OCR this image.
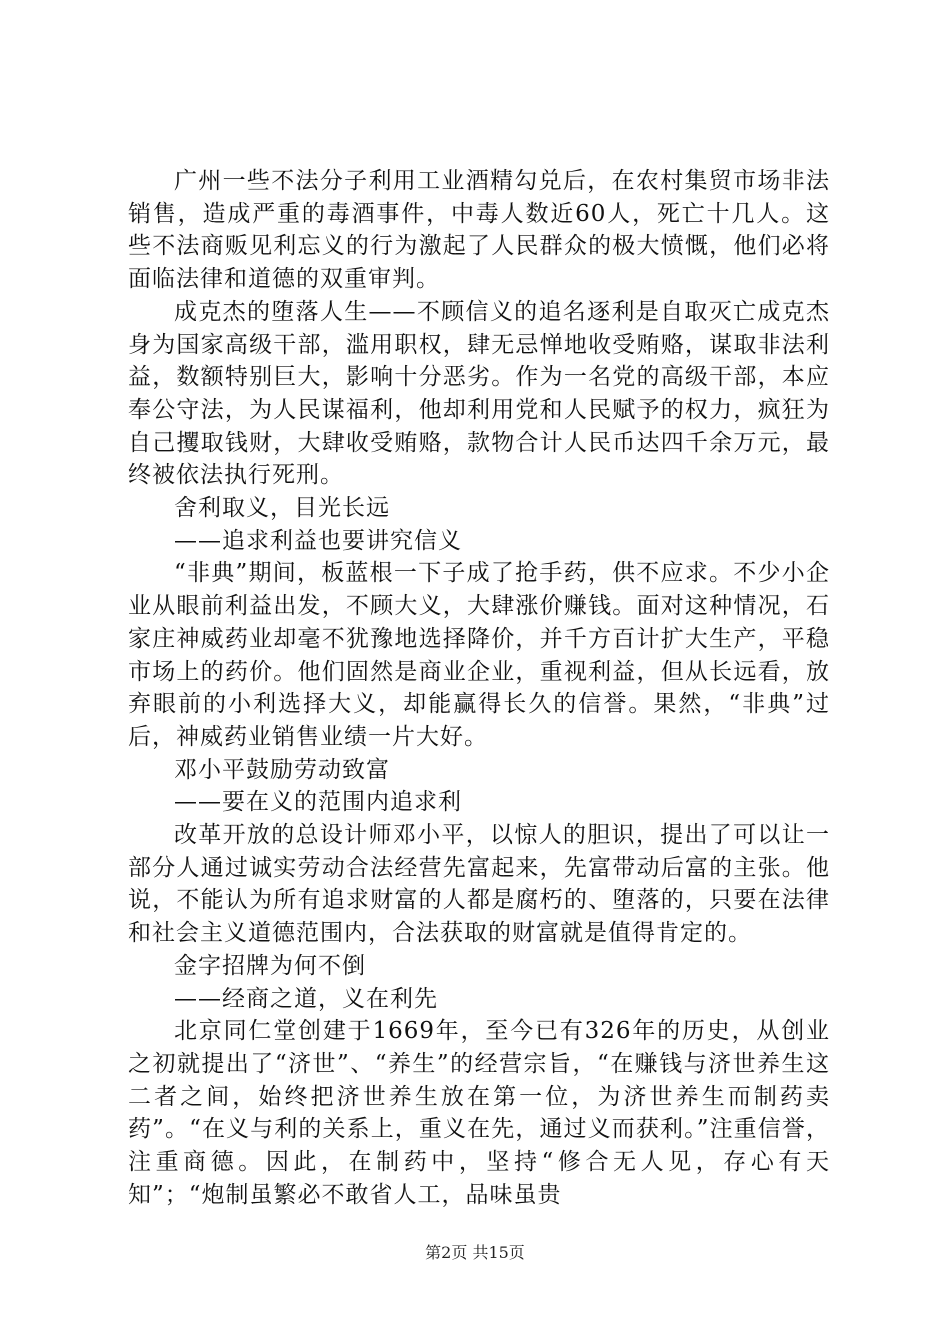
广州一些不法分子利用工业酒精勾兑后，在农村集贸市场非法销售，造成严重的毒酒事件，中毒人数近60人，死亡十几人。这些不法商贩见利忘义的行为激起了人民群众的极大愤慨，他们必将面临法律和道德的双重审判。

成克杰的堕落人生——不顾信义的追名逐利是自取灭亡成克杰身为国家高级干部，滥用职权，肆无忌惮地收受贿赂，谋取非法利益，数额特别巨大，影响十分恶劣。作为一名党的高级干部，本应奉公守法，为人民谋福利，他却利用党和人民赋予的权力，疯狂为自己攫取钱财，大肆收受贿赂，款物合计人民币达四千余万元，最终被依法执行死刑。

舍利取义，目光长远

——追求利益也要讲究信义

“非典”期间，板蓝根一下子成了抢手药，供不应求。不少小企业从眼前利益出发，不顾大义，大肆涨价赚钱。面对这种情况，石家庄神威药业却毫不犹豫地选择降价，并千方百计扩大生产，平稳市场上的药价。他们固然是商业企业，重视利益，但从长远看，放弃眼前的小利选择大义，却能赢得长久的信誉。果然，“非典”过后，神威药业销售业绩一片大好。

邓小平鼓励劳动致富

——要在义的范围内追求利

改革开放的总设计师邓小平，以惊人的胆识，提出了可以让一部分人通过诚实劳动合法经营先富起来，先富带动后富的主张。他说，不能认为所有追求财富的人都是腐朽的、堕落的，只要在法律和社会主义道德范围内，合法获取的财富就是值得肯定的。

金字招牌为何不倒

——经商之道，义在利先

北京同仁堂创建于1669年，至今已有326年的历史，从创业之初就提出了“济世”、“养生”的经营宗旨，“在赚钱与济世养生这二者之间，始终把济世养生放在第一位，为济世养生而制药卖药”。“在义与利的关系上，重义在先，通过义而获利。”注重信誉，注重商德。因此，在制药中，坚持“修合无人见，存心有天知”；“炮制虽繁必不敢省人工，品味虽贵

第2页 共15页
